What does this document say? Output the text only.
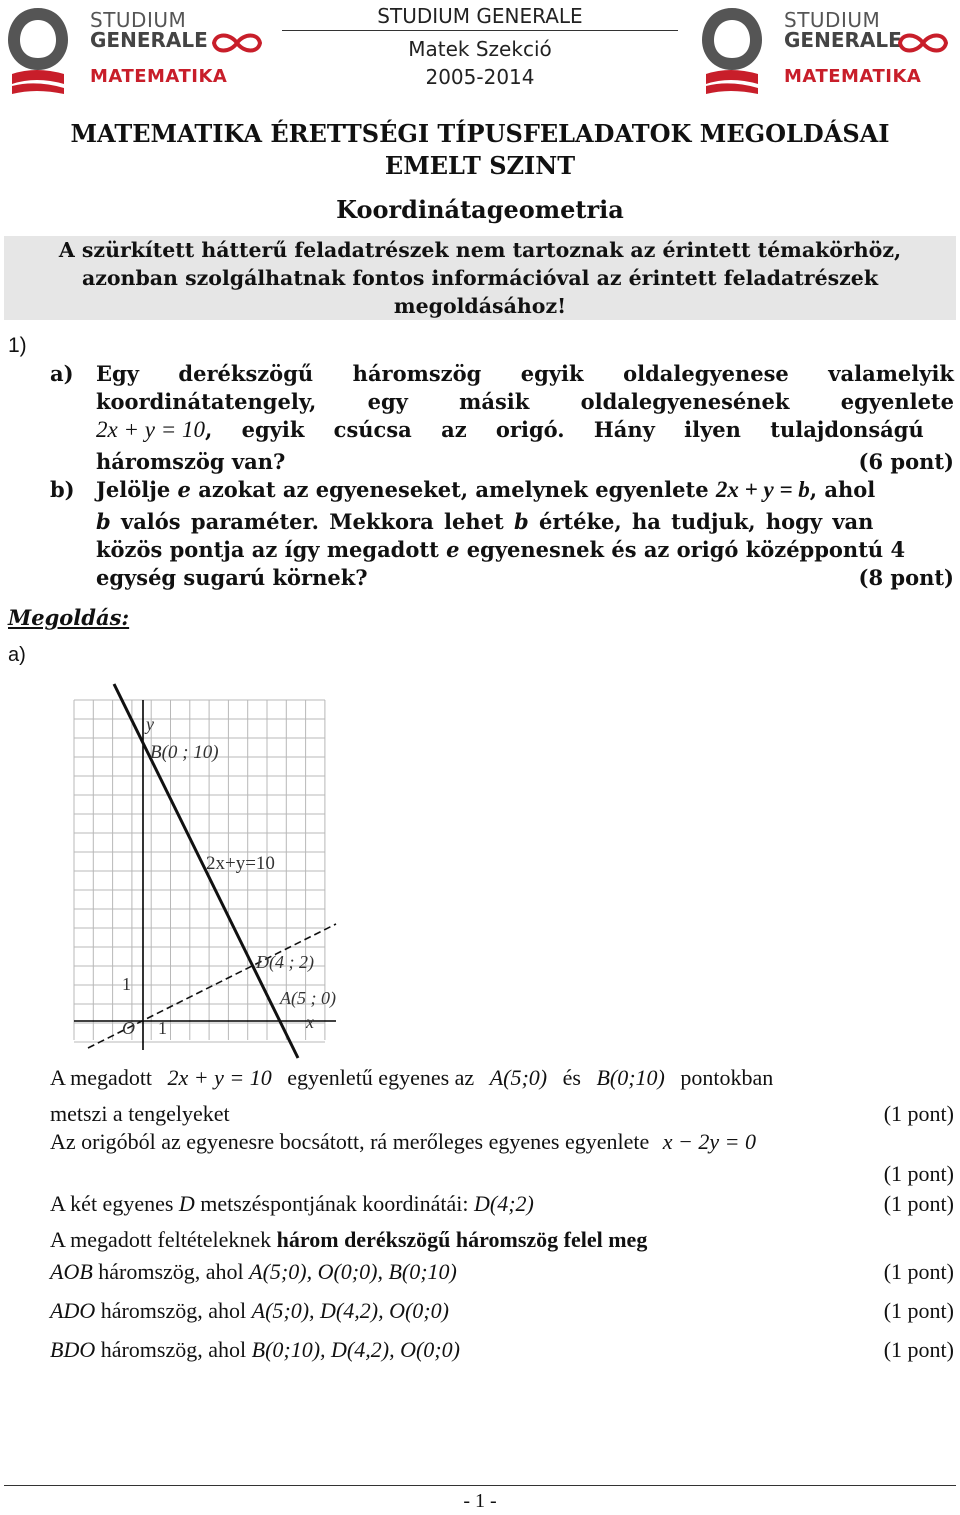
STUDIUM
GENERALE
MATEMATIKA
STUDIUM GENERALE
Matek Szekció
2005-2014
STUDIUM
GENERALE
MATEMATIKA
MATEMATIKA ÉRETTSÉGI TÍPUSFELADATOK MEGOLDÁSAI
EMELT SZINT
Koordinátageometria
A szürkített hátterű feladatrészek nem tartoznak az érintett témakörhöz,
azonban szolgálhatnak fontos információval az érintett feladatrészek
megoldásához!
1)
a) Egy derékszögű háromszög egyik oldalegyenese valamelyik
koordinátatengely, egy másik oldalegyenesének egyenlete
2x + y = 10, egyik csúcsa az origó. Hány ilyen tulajdonságú
háromszög van?	(6 pont)
b) Jelölje e azokat az egyeneseket, amelynek egyenlete 2x + y = b, ahol
b valós paraméter. Mekkora lehet b értéke, ha tudjuk, hogy van
közös pontja az így megadott e egyenesnek és az origó középpontú 4
egység sugarú körnek?	(8 pont)
Megoldás:
a)
y
B(0 ; 10)
2x+y=10
D(4 ; 2)
A(5 ; 0)
O 1
1
x
A megadott 2x + y = 10 egyenletű egyenes az A(5;0) és B(0;10) pontokban
metszi a tengelyeket	(1 pont)
Az origóból az egyenesre bocsátott, rá merőleges egyenes egyenlete x − 2y = 0
(1 pont)
A két egyenes D metszéspontjának koordinátái: D(4;2)	(1 pont)
A megadott feltételeknek három derékszögű háromszög felel meg
AOB háromszög, ahol A(5;0), O(0;0), B(0;10)	(1 pont)
ADO háromszög, ahol A(5;0), D(4,2), O(0;0)	(1 pont)
BDO háromszög, ahol B(0;10), D(4,2), O(0;0)	(1 pont)
- 1 -
